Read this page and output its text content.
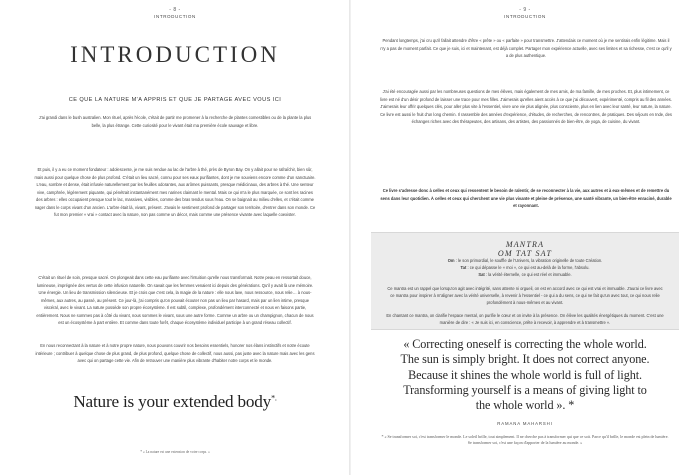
- 8 -
INTRODUCTION
INTRODUCTION
CE QUE LA NATURE M'A APPRIS ET QUE JE PARTAGE AVEC VOUS ICI

J'ai grandi dans le bush australien. Mon rituel, après l'école, c'était de partir me promener à la recherche de plantes comestibles ou de la plante la plus belle, la plus étrange. Cette curiosité pour le vivant était ma première école sauvage et libre.

Et puis, il y a eu ce moment fondateur : adolescente, je me suis rendue au lac de l'arbre à thé, près de Byron Bay. On y allait pour se rafraîchir, bien sûr, mais aussi pour quelque chose de plus profond. C'était un lieu sacré, connu pour ses eaux purifiantes, dont je me souviens encore comme d'un sanctuaire. L'eau, sombre et dense, était infusée naturellement par les feuilles odorantes, aux arômes puissants, presque médicinaux, des arbres à thé. Une senteur vive, camphrée, légèrement piquante, qui pénétrait instantanément mes narines claimant le mental. Mais ce qui m'a le plus marquée, ce sont les racines des arbres : elles occupaient presque tout le lac, massives, visibles, comme des bras tendus sous l'eau. On se baignait au milieu d'elles, et c'était comme nager dans le corps vivant d'un ancien. L'arbre était là, vivant, présent. J'avais le sentiment profond de partager son territoire, d'entrer dans son monde. Ce fut mon premier « vrai » contact avec la nature, non pas comme un décor, mais comme une présence vivante avec laquelle coexister.

C'était un rituel de soin, presque sacré. On plongeait dans cette eau purifiante avec l'intuition qu'elle nous transformait. Notre peau en ressortait douce, lumineuse, imprégnée des vertus de cette infusion naturelle. On savait que les femmes venaient ici depuis des générations. Qu'il y avait là une mémoire. Une énergie. Un lieu de transmission silencieuse. Et je crois que c'est cela, la magie de la nature : elle nous lave, nous ressource, nous relie… à nous-mêmes, aux autres, au passé, au présent. Ce jour-là, j'ai compris qu'on pouvait écouter non pas un lieu par hasard, mais par un lien intime, presque viscéral, avec le vivant. La nature possède son propre écosystème. Il est subtil, complexe, profondément interconnecté et nous en faisons partie, entièrement. Nous ne sommes pas à côté du vivant, nous sommes le vivant, sous une autre forme. Comme un arbre ou un champignon, chacun de nous est un écosystème à part entière. Et comme dans toute forêt, chaque écosystème individuel participe à un grand réseau collectif.

En nous reconnectant à la nature et à notre propre nature, nous pouvons couvrir nos besoins essentiels, honorer nos élans instinctifs et notre écoute intérieure ; contribuer à quelque chose de plus grand, de plus profond, quelque chose de collectif, nous aussi, pas juste avec la nature mais avec les gens avec qui on partage cette vie. Afin de retrouver une manière plus vibrante d'habiter notre corps et le monde.

Nature is your extended body*.
* « La nature est une extension de votre corps. »
- 9 -
INTRODUCTION

Pendant longtemps, j'ai cru qu'il fallait attendre d'être « prête » ou « parfaite » pour transmettre. J'attendais ce moment où je me sentirais enfin légitime. Mais il n'y a pas de moment parfait. Ce que je suis, ici et maintenant, est déjà complet. Partager mon expérience actuelle, avec ses limites et sa richesse, c'est ce qu'il y a de plus authentique.

J'ai été encouragée aussi par les nombreuses questions de mes élèves, mais également de mes amis, de ma famille, de mes proches. Et, plus intimement, ce livre est né d'un désir profond de laisser une trace pour mes filles. J'aimerais qu'elles aient accès à ce que j'ai découvert, expérimenté, compris au fil des années. J'aimerais leur offrir quelques clés, pour aller plus vite à l'essentiel, vivre une vie plus alignée, plus consciente, plus en lien avec leur santé, leur nature, la nature. Ce livre est aussi le fruit d'un long chemin. Il rassemble des années d'expérience, d'études, de recherches, de rencontres, de pratiques. Des séjours en Inde, des échanges riches avec des thérapeutes, des artisans, des artistes, des passionnés de bien-être, de yoga, de cuisine, du vivant.

Ce livre s'adresse donc à celles et ceux qui ressentent le besoin de ralentir, de se reconnecter à la vie, aux autres et à eux-mêmes et de remettre du sens dans leur quotidien. À celles et ceux qui cherchent une vie plus vivante et pleine de présence, une santé vibrante, un bien-être enraciné, durable et rayonnant.

MANTRA
OM TAT SAT

Om : le son primordial, le souffle de l'Univers, la vibration originelle de toute Création.

Tat : ce qui dépasse le « moi », ce qui est au-delà de la forme, l'absolu.

Sat : la vérité éternelle, ce qui est réel et immuable.

Ce mantra est un rappel que lorsqu'on agit avec intégrité, sans attente ni orgueil, on est en accord avec ce qui est vrai et immuable. J'aurai ce livre avec ce mantra pour inspirer à m'aligner avec la vérité universelle, à revenir à l'essentiel - ce qui a du sens, ce qui ne fait qu'un avec tout, ce qui nous relie profondément à nous-mêmes et au vivant.

En chantant ce mantra, on clarifie l'espace mental, on purifie le cœur et on invite à la présence. On élève les qualités énergétiques du moment. C'est une manière de dire : « Je suis ici, en conscience, prête à recevoir, à apprendre et à transmettre ».

« Correcting oneself is correcting the whole world.
The sun is simply bright. It does not correct anyone.
Because it shines the whole world is full of light.
Transforming yourself is a means of giving light to
the whole world ». *
RAMANA MAHARSHI
* « Se transformer soi, c'est transformer le monde. Le soleil brille, tout simplement. Il ne cherche pas à transformer qui que ce soit. Parce qu'il brille, le monde est plein de lumière. Se transformer soi, c'est une façon d'apporter de la lumière au monde. »
